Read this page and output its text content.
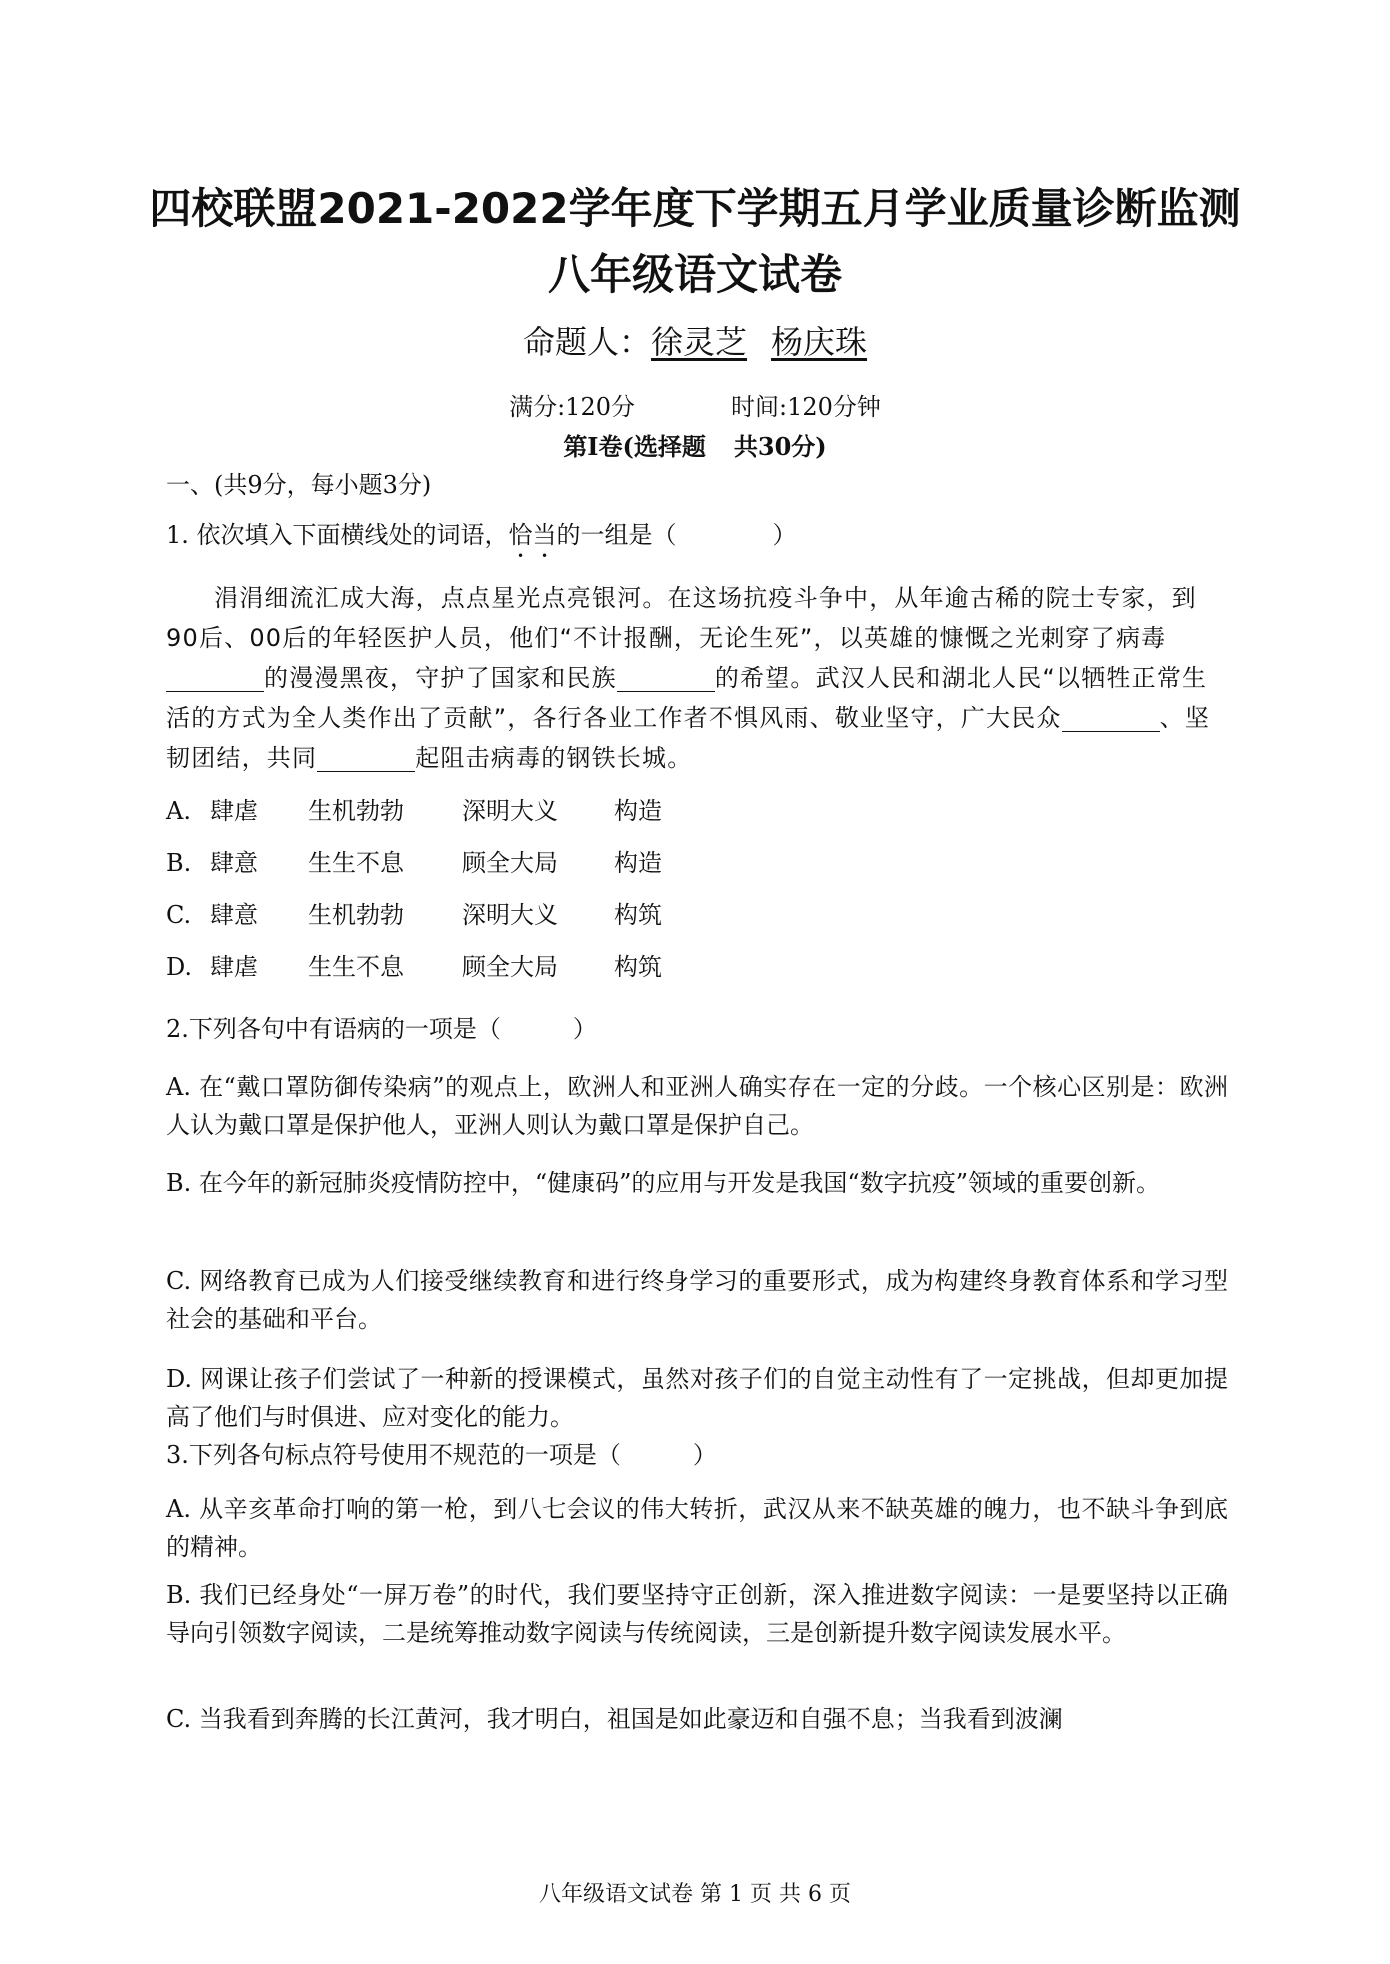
四校联盟2021-2022学年度下学期五月学业质量诊断监测
八年级语文试卷
命题人：徐灵芝 杨庆珠
满分:120分	时间:120分钟
第Ⅰ卷(选择题 共30分)
一、(共9分，每小题3分)
1. 依次填入下面横线处的词语，恰当的一组是（　　　　）
涓涓细流汇成大海，点点星光点亮银河。在这场抗疫斗争中，从年逾古稀的院士专家，到90后、00后的年轻医护人员，他们“不计报酬，无论生死”，以英雄的慷慨之光刺穿了病毒的漫漫黑夜，守护了国家和民族	的希望。武汉人民和湖北人民“以牺牲正常生活的方式为全人类作出了贡献”，各行各业工作者不惧风雨、敬业坚守，广大民众	、坚韧团结，共同	起阻击病毒的钢铁长城。
A. 肆虐 生机勃勃 深明大义 构造
B. 肆意 生生不息 顾全大局 构造
C. 肆意 生机勃勃 深明大义 构筑
D. 肆虐 生生不息 顾全大局 构筑
2.下列各句中有语病的一项是（　　　）
A. 在“戴口罩防御传染病”的观点上，欧洲人和亚洲人确实存在一定的分歧。一个核心区别是：欧洲人认为戴口罩是保护他人，亚洲人则认为戴口罩是保护自己。
B. 在今年的新冠肺炎疫情防控中，“健康码”的应用与开发是我国“数字抗疫”领域的重要创新。
C. 网络教育已成为人们接受继续教育和进行终身学习的重要形式，成为构建终身教育体系和学习型社会的基础和平台。
D. 网课让孩子们尝试了一种新的授课模式，虽然对孩子们的自觉主动性有了一定挑战，但却更加提高了他们与时俱进、应对变化的能力。
3.下列各句标点符号使用不规范的一项是（　　　）
A. 从辛亥革命打响的第一枪，到八七会议的伟大转折，武汉从来不缺英雄的魄力，也不缺斗争到底的精神。
B. 我们已经身处“一屏万卷”的时代，我们要坚持守正创新，深入推进数字阅读：一是要坚持以正确导向引领数字阅读，二是统筹推动数字阅读与传统阅读，三是创新提升数字阅读发展水平。
C. 当我看到奔腾的长江黄河，我才明白，祖国是如此豪迈和自强不息；当我看到波澜
八年级语文试卷 第 1 页 共 6 页
